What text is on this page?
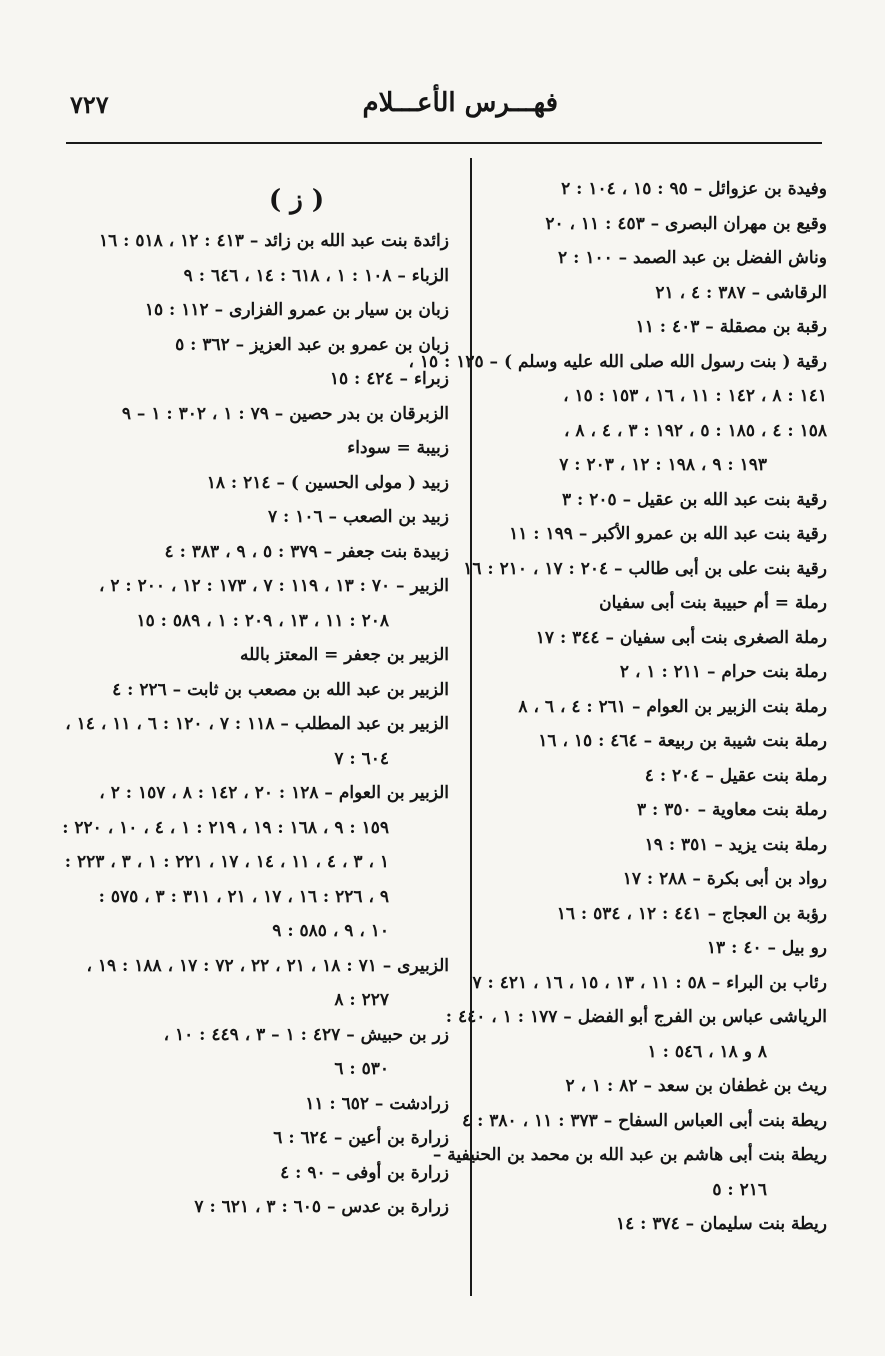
فهـــرس الأعـــلام
٧٢٧
وفيدة بن عزوائل – ٩٥ : ١٥ ، ١٠٤ : ٢
وقيع بن مهران البصرى – ٤٥٣ : ١١ ، ٢٠
وناش الفضل بن عبد الصمد – ١٠٠ : ٢
الرقاشى – ٣٨٧ : ٤ ، ٢١
رقبة بن مصقلة – ٤٠٣ : ١١
رقية ( بنت رسول الله صلى الله عليه وسلم ) – ١٢٥ : ١٥ ،
١٤١ : ٨ ، ١٤٢ : ١١ ، ١٦ ، ١٥٣ : ١٥ ،
١٥٨ : ٤ ، ١٨٥ : ٥ ، ١٩٢ : ٣ ، ٤ ، ٨ ،
١٩٣ : ٩ ، ١٩٨ : ١٢ ، ٢٠٣ : ٧
رقية بنت عبد الله بن عقيل – ٢٠٥ : ٣
رقية بنت عبد الله بن عمرو الأكبر – ١٩٩ : ١١
رقية بنت على بن أبى طالب – ٢٠٤ : ١٧ ، ٢١٠ : ١٦
رملة = أم حبيبة بنت أبى سفيان
رملة الصغرى بنت أبى سفيان – ٣٤٤ : ١٧
رملة بنت حرام – ٢١١ : ١ ، ٢
رملة بنت الزبير بن العوام – ٢٦١ : ٤ ، ٦ ، ٨
رملة بنت شيبة بن ربيعة – ٤٦٤ : ١٥ ، ١٦
رملة بنت عقيل – ٢٠٤ : ٤
رملة بنت معاوية – ٣٥٠ : ٣
رملة بنت يزيد – ٣٥١ : ١٩
رواد بن أبى بكرة – ٢٨٨ : ١٧
رؤبة بن العجاج – ٤٤١ : ١٢ ، ٥٣٤ : ١٦
رو بيل – ٤٠ : ١٣
رئاب بن البراء – ٥٨ : ١١ ، ١٣ ، ١٥ ، ١٦ ، ٤٢١ : ٧
الرياشى عباس بن الفرج أبو الفضل – ١٧٧ : ١ ، ٤٤٠ :
٨ و ١٨ ، ٥٤٦ : ١
ريث بن غطفان بن سعد – ٨٢ : ١ ، ٢
ريطة بنت أبى العباس السفاح – ٣٧٣ : ١١ ، ٣٨٠ : ٤
ريطة بنت أبى هاشم بن عبد الله بن محمد بن الحنيفية –
٢١٦ : ٥
ريطة بنت سليمان – ٣٧٤ : ١٤
( ز )
زائدة بنت عبد الله بن زائد – ٤١٣ : ١٢ ، ٥١٨ : ١٦
الزباء – ١٠٨ : ١ ، ٦١٨ : ١٤ ، ٦٤٦ : ٩
زبان بن سيار بن عمرو الفزارى – ١١٢ : ١٥
زبان بن عمرو بن عبد العزيز – ٣٦٢ : ٥
زبراء – ٤٢٤ : ١٥
الزبرقان بن بدر حصين – ٧٩ : ١ ، ٣٠٢ : ١ – ٩
زبيبة = سوداء
زبيد ( مولى الحسين ) – ٢١٤ : ١٨
زبيد بن الصعب – ١٠٦ : ٧
زبيدة بنت جعفر – ٣٧٩ : ٥ ، ٩ ، ٣٨٣ : ٤
الزبير – ٧٠ : ١٣ ، ١١٩ : ٧ ، ١٧٣ : ١٢ ، ٢٠٠ : ٢ ،
٢٠٨ : ١١ ، ١٣ ، ٢٠٩ : ١ ، ٥٨٩ : ١٥
الزبير بن جعفر = المعتز بالله
الزبير بن عبد الله بن مصعب بن ثابت – ٢٢٦ : ٤
الزبير بن عبد المطلب – ١١٨ : ٧ ، ١٢٠ : ٦ ، ١١ ، ١٤ ،
٦٠٤ : ٧
الزبير بن العوام – ١٢٨ : ٢٠ ، ١٤٢ : ٨ ، ١٥٧ : ٢ ،
١٥٩ : ٩ ، ١٦٨ : ١٩ ، ٢١٩ : ١ ، ٤ ، ١٠ ، ٢٢٠ :
١ ، ٣ ، ٤ ، ١١ ، ١٤ ، ١٧ ، ٢٢١ : ١ ، ٣ ، ٢٢٣ :
٩ ، ٢٢٦ : ١٦ ، ١٧ ، ٢١ ، ٣١١ : ٣ ، ٥٧٥ :
١٠ ، ٩ ، ٥٨٥ : ٩
الزبيرى – ٧١ : ١٨ ، ٢١ ، ٢٢ ، ٧٢ : ١٧ ، ١٨٨ : ١٩ ،
٢٢٧ : ٨
زر بن حبيش – ٤٢٧ : ١ – ٣ ، ٤٤٩ : ١٠ ،
٥٣٠ : ٦
زرادشت – ٦٥٢ : ١١
زرارة بن أعين – ٦٢٤ : ٦
زرارة بن أوفى – ٩٠ : ٤
زرارة بن عدس – ٦٠٥ : ٣ ، ٦٢١ : ٧
